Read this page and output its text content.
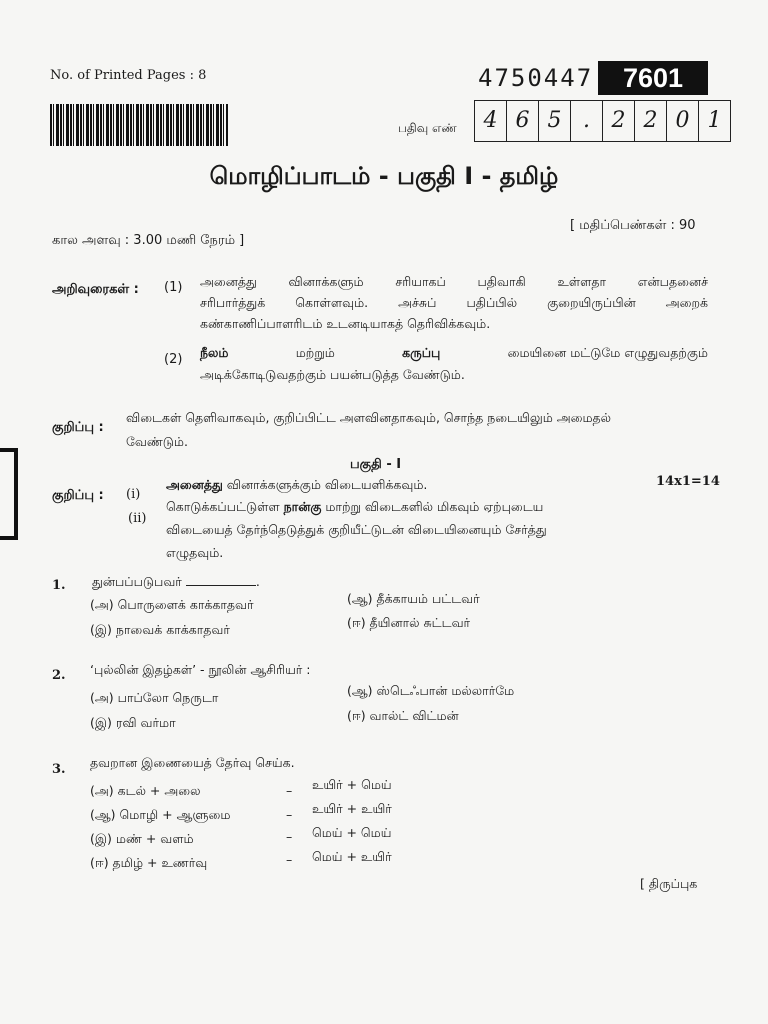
No. of Printed Pages : 8	4750447	7601
பதிவு எண்	4 6 5 . 2 2 0 1
மொழிப்பாடம் - பகுதி I - தமிழ்
[ மதிப்பெண்கள் : 90
கால அளவு : 3.00 மணி நேரம் ]
அறிவுரைகள் : (1) அனைத்து வினாக்களும் சரியாகப் பதிவாகி உள்ளதா என்பதனைச்
சரிபார்த்துக் கொள்ளவும். அச்சுப் பதிப்பில் குறையிருப்பின் அறைக்
கண்காணிப்பாளரிடம் உடனடியாகத் தெரிவிக்கவும்.
(2) நீலம்	மற்றும்	கருப்பு	மையினை மட்டுமே எழுதுவதற்கும்
அடிக்கோடிடுவதற்கும் பயன்படுத்த வேண்டும்.
குறிப்பு :
விடைகள் தெளிவாகவும், குறிப்பிட்ட அளவினதாகவும், சொந்த நடையிலும் அமைதல்
வேண்டும்.
பகுதி - I
14x1=14
குறிப்பு : (i)
அனைத்து வினாக்களுக்கும் விடையளிக்கவும்.
(ii)
கொடுக்கப்பட்டுள்ள நான்கு மாற்று விடைகளில் மிகவும் ஏற்புடைய
விடையைத் தேர்ந்தெடுத்துக் குறியீட்டுடன் விடையினையும் சேர்த்து
எழுதவும்.
1. துன்பப்படுபவர்	.
(அ) பொருளைக் காக்காதவர்	(ஆ) தீக்காயம் பட்டவர்
(இ) நாவைக் காக்காதவர்	(ஈ) தீயினால் சுட்டவர்
2. ‘புல்லின் இதழ்கள்’ - நூலின் ஆசிரியர் :
(அ) பாப்லோ நெருடா	(ஆ) ஸ்டெஃபான் மல்லார்மே
(இ) ரவி வர்மா	(ஈ) வால்ட் விட்மன்
3. தவறான இணையைத் தேர்வு செய்க.
(அ) கடல் + அலை	– உயிர் + மெய்
(ஆ) மொழி + ஆளுமை	– உயிர் + உயிர்
(இ) மண் + வளம்	– மெய் + மெய்
(ஈ) தமிழ் + உணர்வு	– மெய் + உயிர்
[ திருப்புக
